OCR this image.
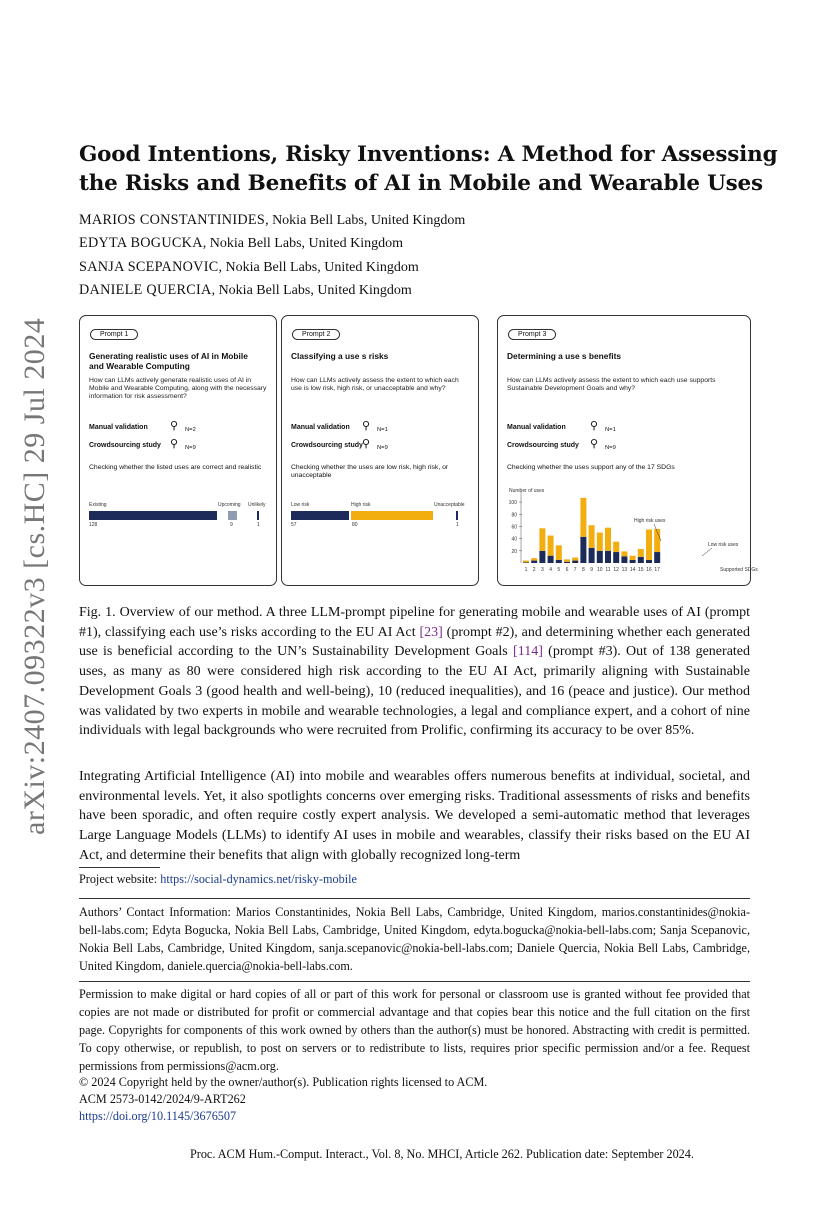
arXiv:2407.09322v3 [cs.HC] 29 Jul 2024
Good Intentions, Risky Inventions: A Method for Assessing the Risks and Benefits of AI in Mobile and Wearable Uses
MARIOS CONSTANTINIDES, Nokia Bell Labs, United Kingdom
EDYTA BOGUCKA, Nokia Bell Labs, United Kingdom
SANJA SCEPANOVIC, Nokia Bell Labs, United Kingdom
DANIELE QUERCIA, Nokia Bell Labs, United Kingdom
Prompt 1
Generating realistic uses of AI in Mobile and Wearable Computing
How can LLMs actively generate realistic uses of AI in Mobile and Wearable Computing, along with the necessary information for risk assessment?
Manual validation ⚲ N=2
Crowdsourcing study ⚲ N=9
Checking whether the listed uses are correct and realistic
Existing	Upcoming Unlikely
128	9	1
Prompt 2
Classifying a use s risks
How can LLMs actively assess the extent to which each use is low risk, high risk, or unacceptable and why?
Manual validation ⚲ N=1
Crowdsourcing study ⚲ N=9
Checking whether the uses are low risk, high risk, or unacceptable
Low risk	High risk	Unacceptable
57	80	1
Prompt 3
Determining a use s benefits
How can LLMs actively assess the extent to which each use supports Sustainable Development Goals and why?
Manual validation ⚲ N=1
Crowdsourcing study ⚲ N=9
Checking whether the uses support any of the 17 SDGs
Number of uses
20
40
60
80
100
1 2 3 4 5 6 7 8 9 10 11 12 13 14 15 16 17	Supported SDGs
High risk uses
Low risk uses
Fig. 1. Overview of our method. A three LLM-prompt pipeline for generating mobile and wearable uses of AI (prompt #1), classifying each use’s risks according to the EU AI Act [23] (prompt #2), and determining whether each generated use is beneficial according to the UN’s Sustainability Development Goals [114] (prompt #3). Out of 138 generated uses, as many as 80 were considered high risk according to the EU AI Act, primarily aligning with Sustainable Development Goals 3 (good health and well-being), 10 (reduced inequalities), and 16 (peace and justice). Our method was validated by two experts in mobile and wearable technologies, a legal and compliance expert, and a cohort of nine individuals with legal backgrounds who were recruited from Prolific, confirming its accuracy to be over 85%.
Integrating Artificial Intelligence (AI) into mobile and wearables offers numerous benefits at individual, societal, and environmental levels. Yet, it also spotlights concerns over emerging risks. Traditional assessments of risks and benefits have been sporadic, and often require costly expert analysis. We developed a semi-automatic method that leverages Large Language Models (LLMs) to identify AI uses in mobile and wearables, classify their risks based on the EU AI Act, and determine their benefits that align with globally recognized long-term
Project website: https://social-dynamics.net/risky-mobile
Authors’ Contact Information: Marios Constantinides, Nokia Bell Labs, Cambridge, United Kingdom, marios.constantinides@nokia-bell-labs.com; Edyta Bogucka, Nokia Bell Labs, Cambridge, United Kingdom, edyta.bogucka@nokia-bell-labs.com; Sanja Scepanovic, Nokia Bell Labs, Cambridge, United Kingdom, sanja.scepanovic@nokia-bell-labs.com; Daniele Quercia, Nokia Bell Labs, Cambridge, United Kingdom, daniele.quercia@nokia-bell-labs.com.
Permission to make digital or hard copies of all or part of this work for personal or classroom use is granted without fee provided that copies are not made or distributed for profit or commercial advantage and that copies bear this notice and the full citation on the first page. Copyrights for components of this work owned by others than the author(s) must be honored. Abstracting with credit is permitted. To copy otherwise, or republish, to post on servers or to redistribute to lists, requires prior specific permission and/or a fee. Request permissions from permissions@acm.org.
© 2024 Copyright held by the owner/author(s). Publication rights licensed to ACM.
ACM 2573-0142/2024/9-ART262
https://doi.org/10.1145/3676507
Proc. ACM Hum.-Comput. Interact., Vol. 8, No. MHCI, Article 262. Publication date: September 2024.
